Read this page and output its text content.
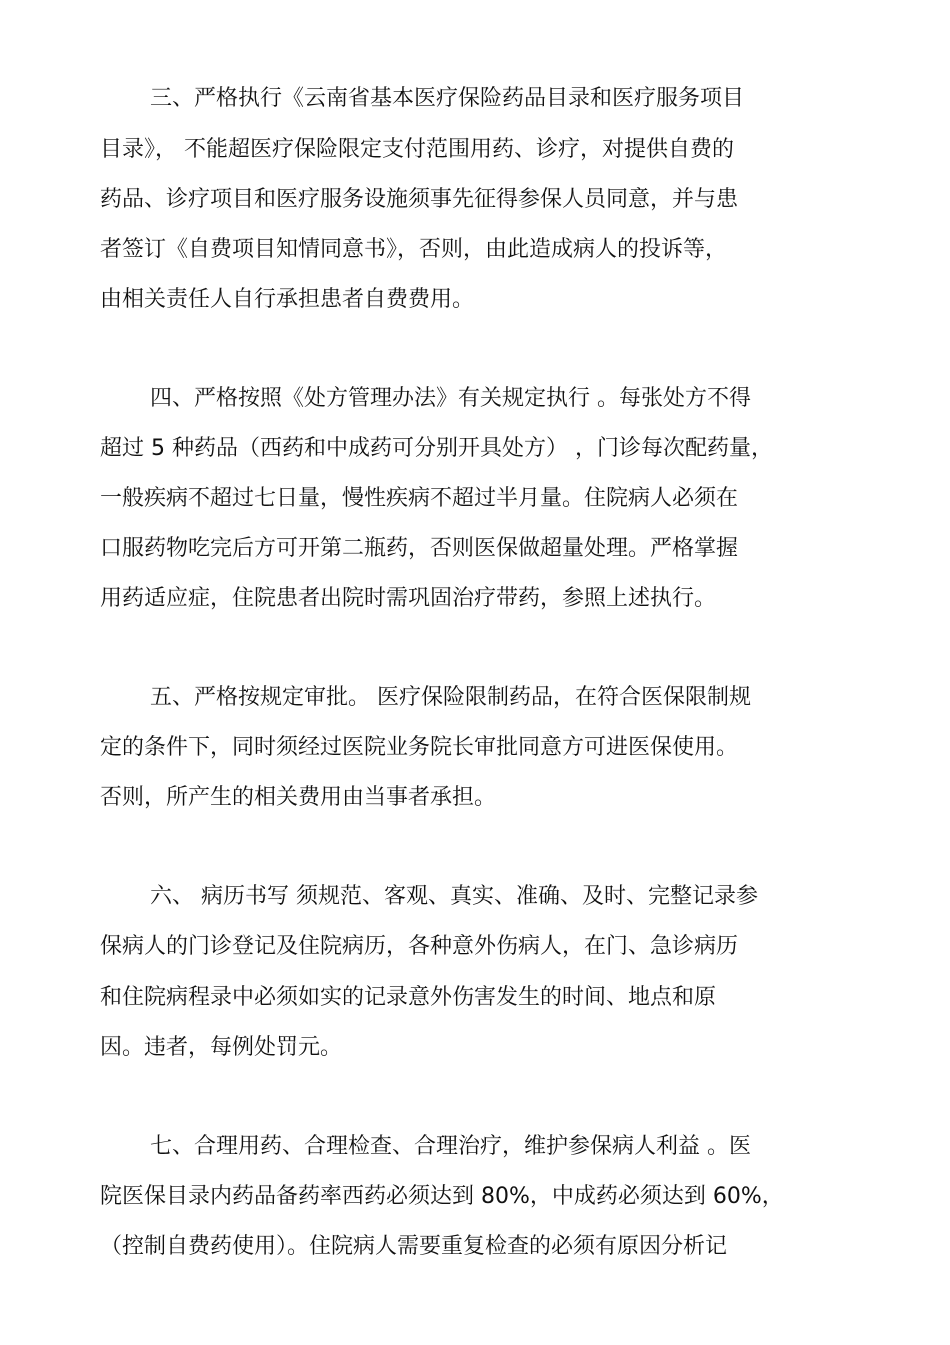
三、严格执行《云南省基本医疗保险药品目录和医疗服务项目
目录》， 不能超医疗保险限定支付范围用药、诊疗，对提供自费的
药品、诊疗项目和医疗服务设施须事先征得参保人员同意，并与患
者签订《自费项目知情同意书》，否则，由此造成病人的投诉等，
由相关责任人自行承担患者自费费用。
四、严格按照《处方管理办法》有关规定执行 。每张处方不得
超过 5 种药品（西药和中成药可分别开具处方） ，门诊每次配药量，
一般疾病不超过七日量，慢性疾病不超过半月量。住院病人必须在
口服药物吃完后方可开第二瓶药，否则医保做超量处理。严格掌握
用药适应症，住院患者出院时需巩固治疗带药，参照上述执行。
五、严格按规定审批。 医疗保险限制药品，在符合医保限制规
定的条件下，同时须经过医院业务院长审批同意方可进医保使用。
否则，所产生的相关费用由当事者承担。
六、 病历书写 须规范、客观、真实、准确、及时、完整记录参
保病人的门诊登记及住院病历，各种意外伤病人，在门、急诊病历
和住院病程录中必须如实的记录意外伤害发生的时间、地点和原
因。违者，每例处罚元。
七、合理用药、合理检查、合理治疗，维护参保病人利益 。医
院医保目录内药品备药率西药必须达到 80%，中成药必须达到 60%，
（控制自费药使用）。住院病人需要重复检查的必须有原因分析记
